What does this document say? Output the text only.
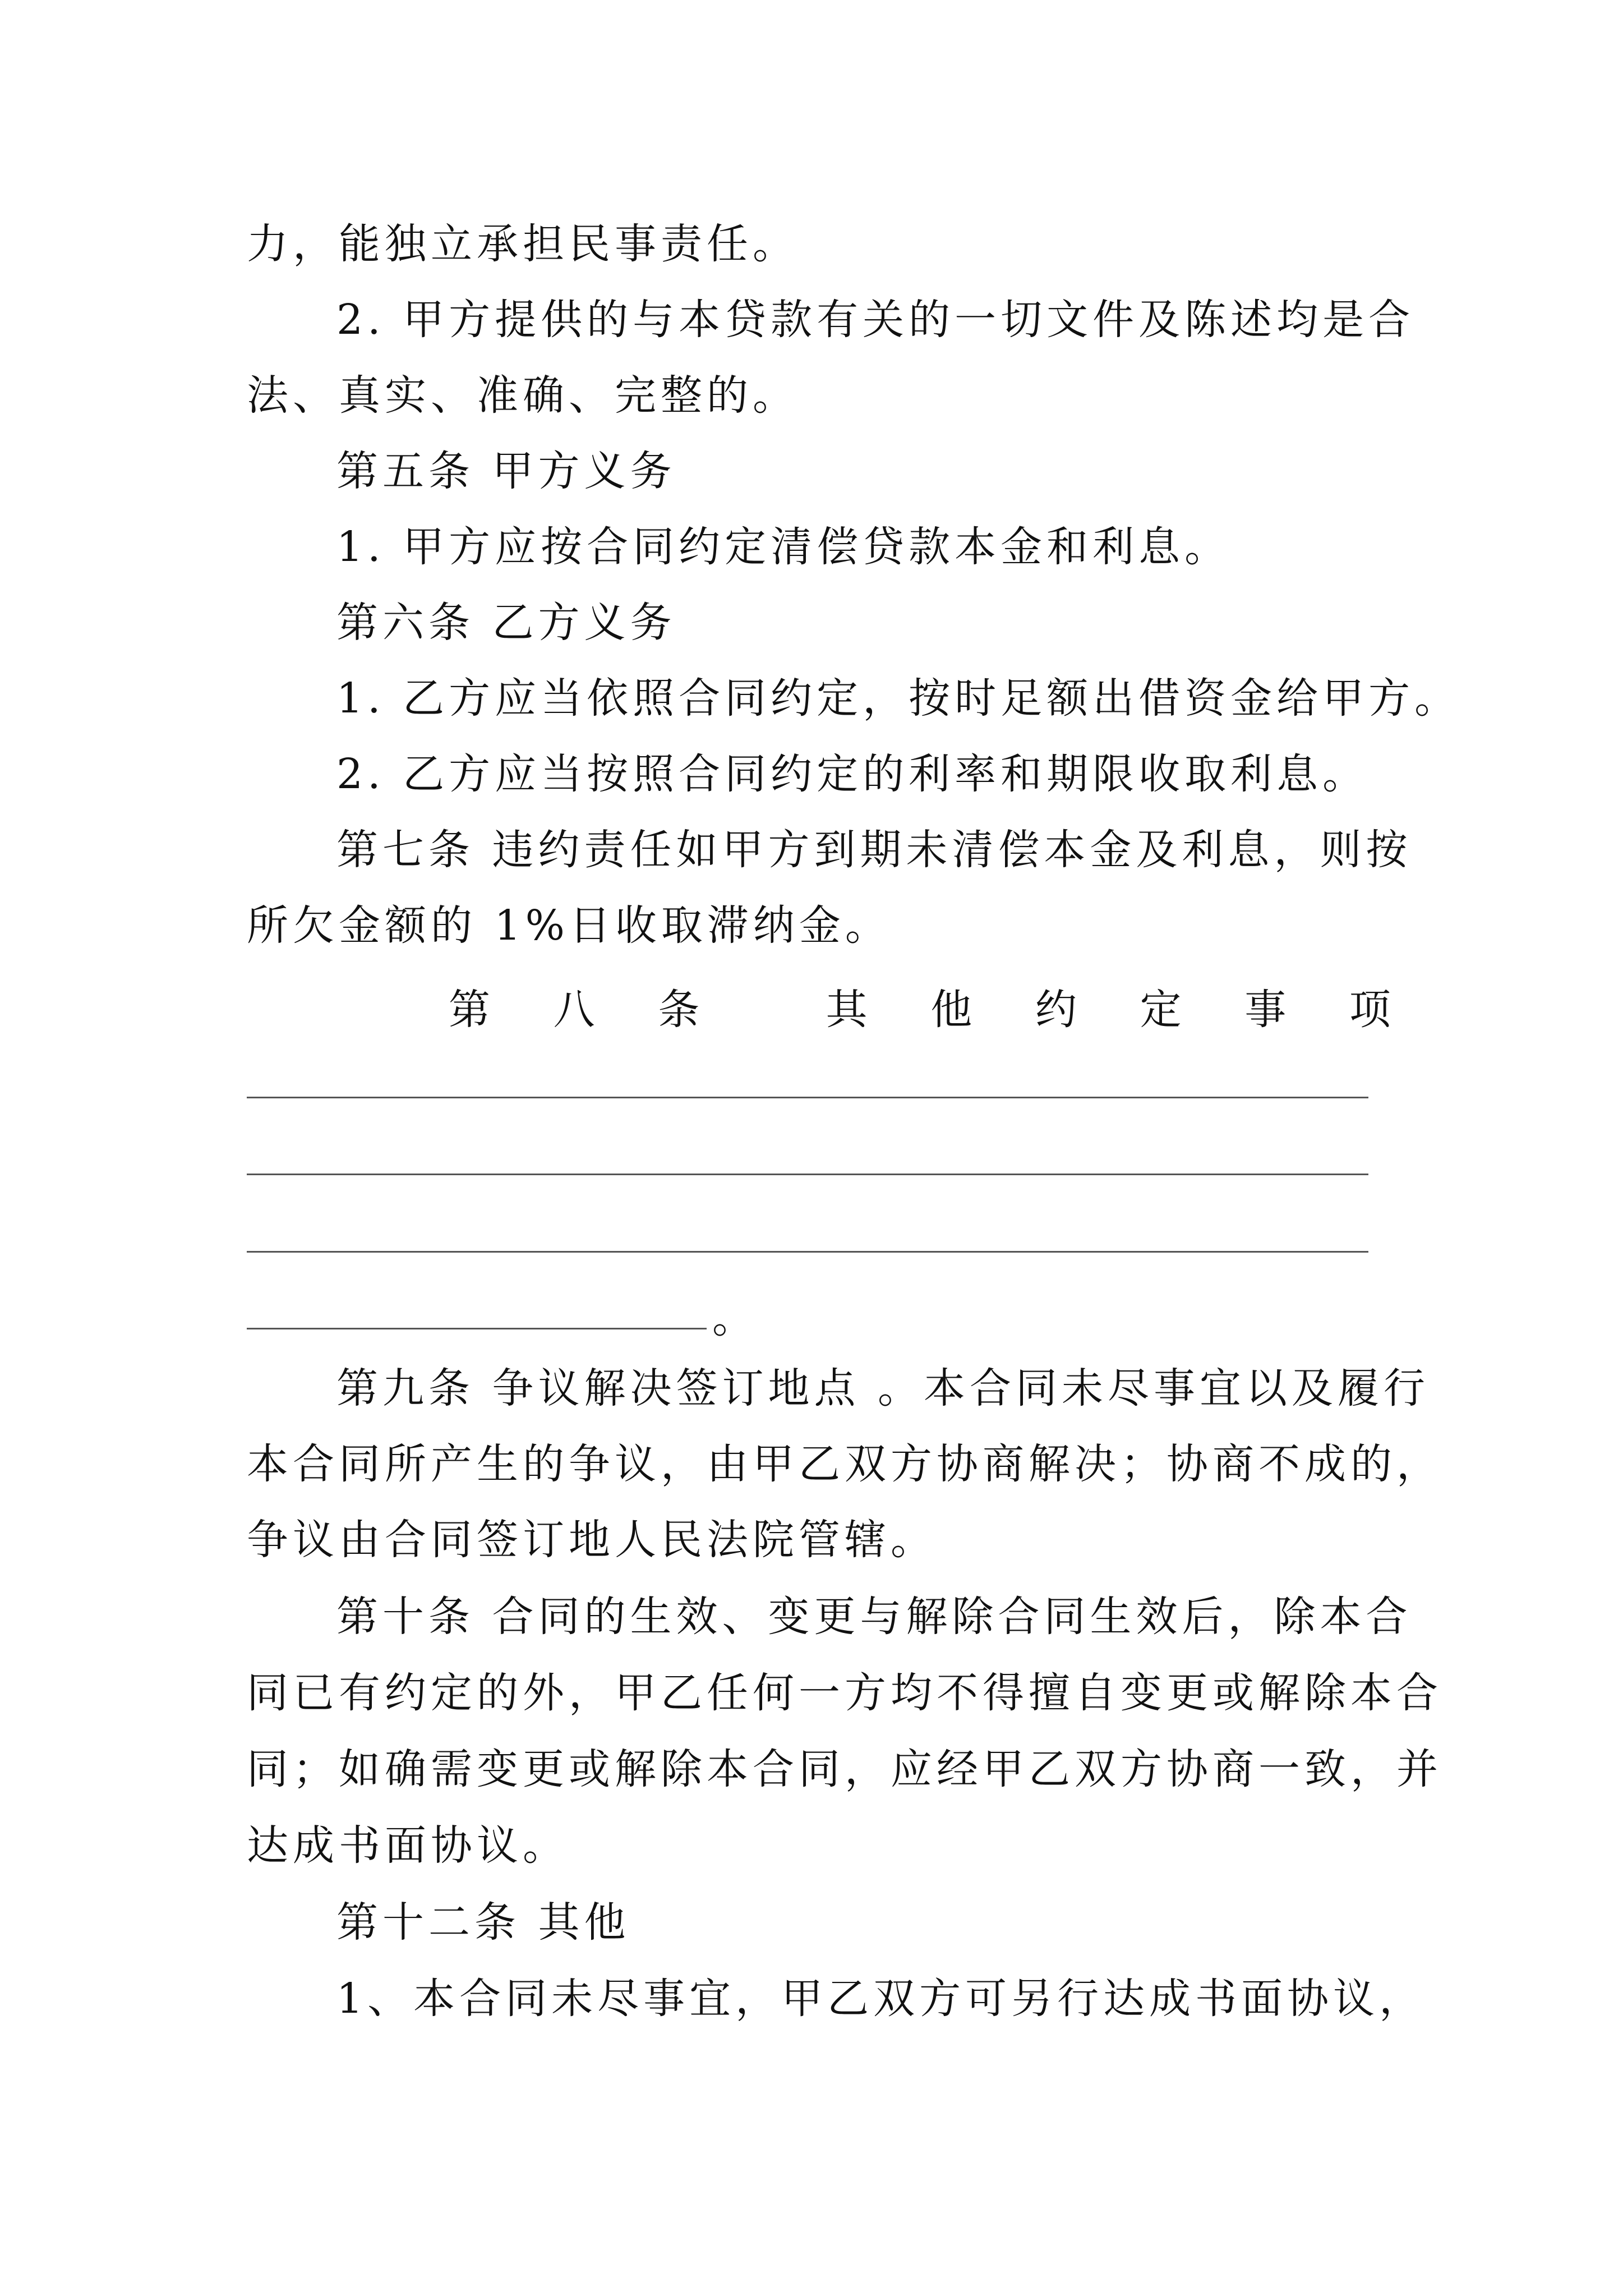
力，能独立承担民事责任。
2. 甲方提供的与本贷款有关的一切文件及陈述均是合
法、真实、准确、完整的。
第五条 甲方义务
1. 甲方应按合同约定清偿贷款本金和利息。
第六条 乙方义务
1. 乙方应当依照合同约定，按时足额出借资金给甲方。
2. 乙方应当按照合同约定的利率和期限收取利息。
第七条 违约责任如甲方到期未清偿本金及利息，则按
所欠金额的 1%日收取滞纳金。
第 八 条	其 他 约 定 事 项
。
第九条 争议解决签订地点 。本合同未尽事宜以及履行
本合同所产生的争议，由甲乙双方协商解决；协商不成的，
争议由合同签订地人民法院管辖。
第十条 合同的生效、变更与解除合同生效后，除本合
同已有约定的外，甲乙任何一方均不得擅自变更或解除本合
同；如确需变更或解除本合同，应经甲乙双方协商一致，并
达成书面协议。
第十二条 其他
1、本合同未尽事宜，甲乙双方可另行达成书面协议，
